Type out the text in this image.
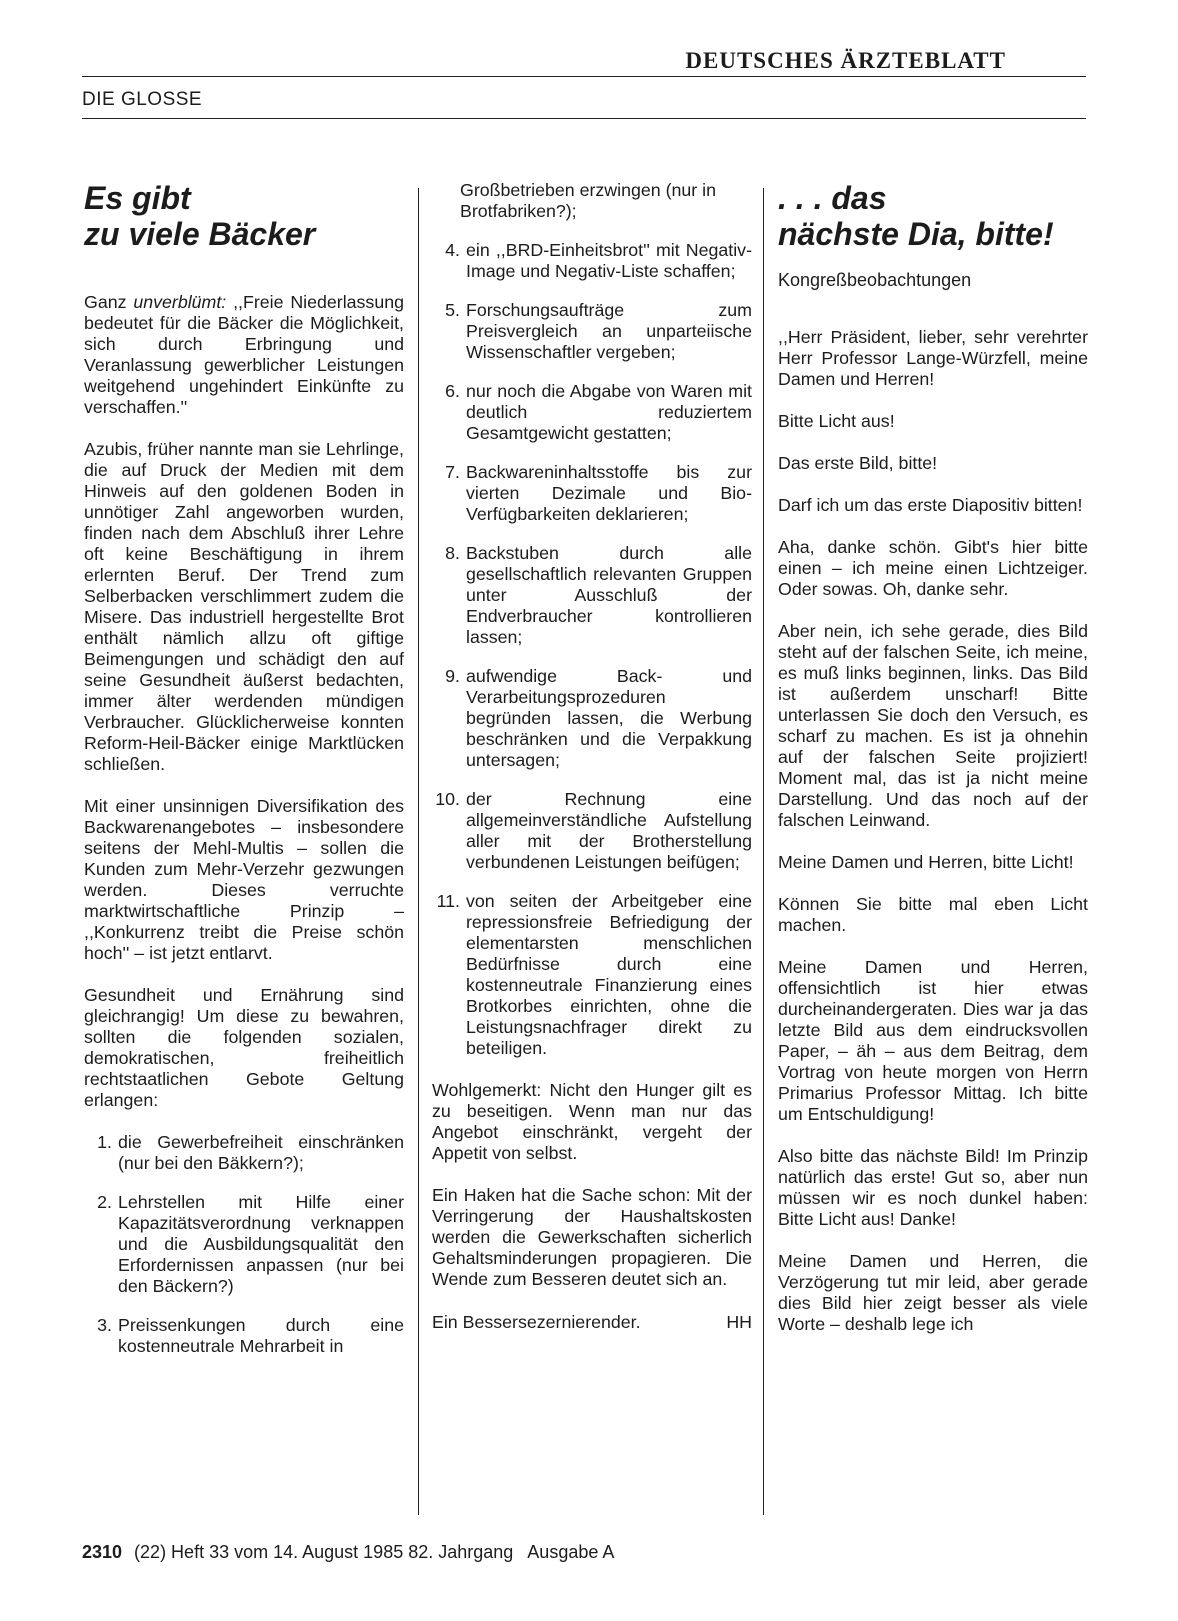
DEUTSCHES ÄRZTEBLATT
DIE GLOSSE
Es gibt
zu viele Bäcker

Ganz unverblümt: ,,Freie Niederlassung bedeutet für die Bäcker die Möglichkeit, sich durch Erbringung und Veranlassung gewerblicher Leistungen weitgehend ungehindert Einkünfte zu verschaffen.''

Azubis, früher nannte man sie Lehrlinge, die auf Druck der Medien mit dem Hinweis auf den goldenen Boden in unnötiger Zahl angeworben wurden, finden nach dem Abschluß ihrer Lehre oft keine Beschäftigung in ihrem erlernten Beruf. Der Trend zum Selberbacken verschlimmert zudem die Misere. Das industriell hergestellte Brot enthält nämlich allzu oft giftige Beimengungen und schädigt den auf seine Gesundheit äußerst bedachten, immer älter werdenden mündigen Verbraucher. Glücklicherweise konnten Reform-Heil-Bäcker einige Marktlücken schließen.

Mit einer unsinnigen Diversifikation des Backwarenangebotes – insbesondere seitens der Mehl-Multis – sollen die Kunden zum Mehr-Verzehr gezwungen werden. Dieses verruchte marktwirtschaftliche Prinzip – ,,Konkurrenz treibt die Preise schön hoch'' – ist jetzt entlarvt.

Gesundheit und Ernährung sind gleichrangig! Um diese zu bewahren, sollten die folgenden sozialen, demokratischen, freiheitlich rechtstaatlichen Gebote Geltung erlangen:

1. die Gewerbefreiheit einschränken (nur bei den Bäkkern?);
2. Lehrstellen mit Hilfe einer Kapazitätsverordnung verknappen und die Ausbildungsqualität den Erfordernissen anpassen (nur bei den Bäckern?)
3. Preissenkungen durch eine kostenneutrale Mehrarbeit in
Großbetrieben erzwingen (nur in Brotfabriken?);
4. ein ,,BRD-Einheitsbrot'' mit Negativ-Image und Negativ-Liste schaffen;
5. Forschungsaufträge zum Preisvergleich an unparteiische Wissenschaftler vergeben;
6. nur noch die Abgabe von Waren mit deutlich reduziertem Gesamtgewicht gestatten;
7. Backwareninhaltsstoffe bis zur vierten Dezimale und Bio-Verfügbarkeiten deklarieren;
8. Backstuben durch alle gesellschaftlich relevanten Gruppen unter Ausschluß der Endverbraucher kontrollieren lassen;
9. aufwendige Back- und Verarbeitungsprozeduren begründen lassen, die Werbung beschränken und die Verpakkung untersagen;
10. der Rechnung eine allgemeinverständliche Aufstellung aller mit der Brotherstellung verbundenen Leistungen beifügen;
11. von seiten der Arbeitgeber eine repressionsfreie Befriedigung der elementarsten menschlichen Bedürfnisse durch eine kostenneutrale Finanzierung eines Brotkorbes einrichten, ohne die Leistungsnachfrager direkt zu beteiligen.

Wohlgemerkt: Nicht den Hunger gilt es zu beseitigen. Wenn man nur das Angebot einschränkt, vergeht der Appetit von selbst.

Ein Haken hat die Sache schon: Mit der Verringerung der Haushaltskosten werden die Gewerkschaften sicherlich Gehaltsminderungen propagieren. Die Wende zum Besseren deutet sich an.

Ein Bessersezernierender.	HH
. . . das
nächste Dia, bitte!
Kongreßbeobachtungen

,,Herr Präsident, lieber, sehr verehrter Herr Professor Lange-Würzfell, meine Damen und Herren!

Bitte Licht aus!

Das erste Bild, bitte!

Darf ich um das erste Diapositiv bitten!

Aha, danke schön. Gibt's hier bitte einen – ich meine einen Lichtzeiger. Oder sowas. Oh, danke sehr.

Aber nein, ich sehe gerade, dies Bild steht auf der falschen Seite, ich meine, es muß links beginnen, links. Das Bild ist außerdem unscharf! Bitte unterlassen Sie doch den Versuch, es scharf zu machen. Es ist ja ohnehin auf der falschen Seite projiziert! Moment mal, das ist ja nicht meine Darstellung. Und das noch auf der falschen Leinwand.

Meine Damen und Herren, bitte Licht!

Können Sie bitte mal eben Licht machen.

Meine Damen und Herren, offensichtlich ist hier etwas durcheinandergeraten. Dies war ja das letzte Bild aus dem eindrucksvollen Paper, – äh – aus dem Beitrag, dem Vortrag von heute morgen von Herrn Primarius Professor Mittag. Ich bitte um Entschuldigung!

Also bitte das nächste Bild! Im Prinzip natürlich das erste! Gut so, aber nun müssen wir es noch dunkel haben: Bitte Licht aus! Danke!

Meine Damen und Herren, die Verzögerung tut mir leid, aber gerade dies Bild hier zeigt besser als viele Worte – deshalb lege ich

2310 (22) Heft 33 vom 14. August 1985 82. Jahrgang Ausgabe A
